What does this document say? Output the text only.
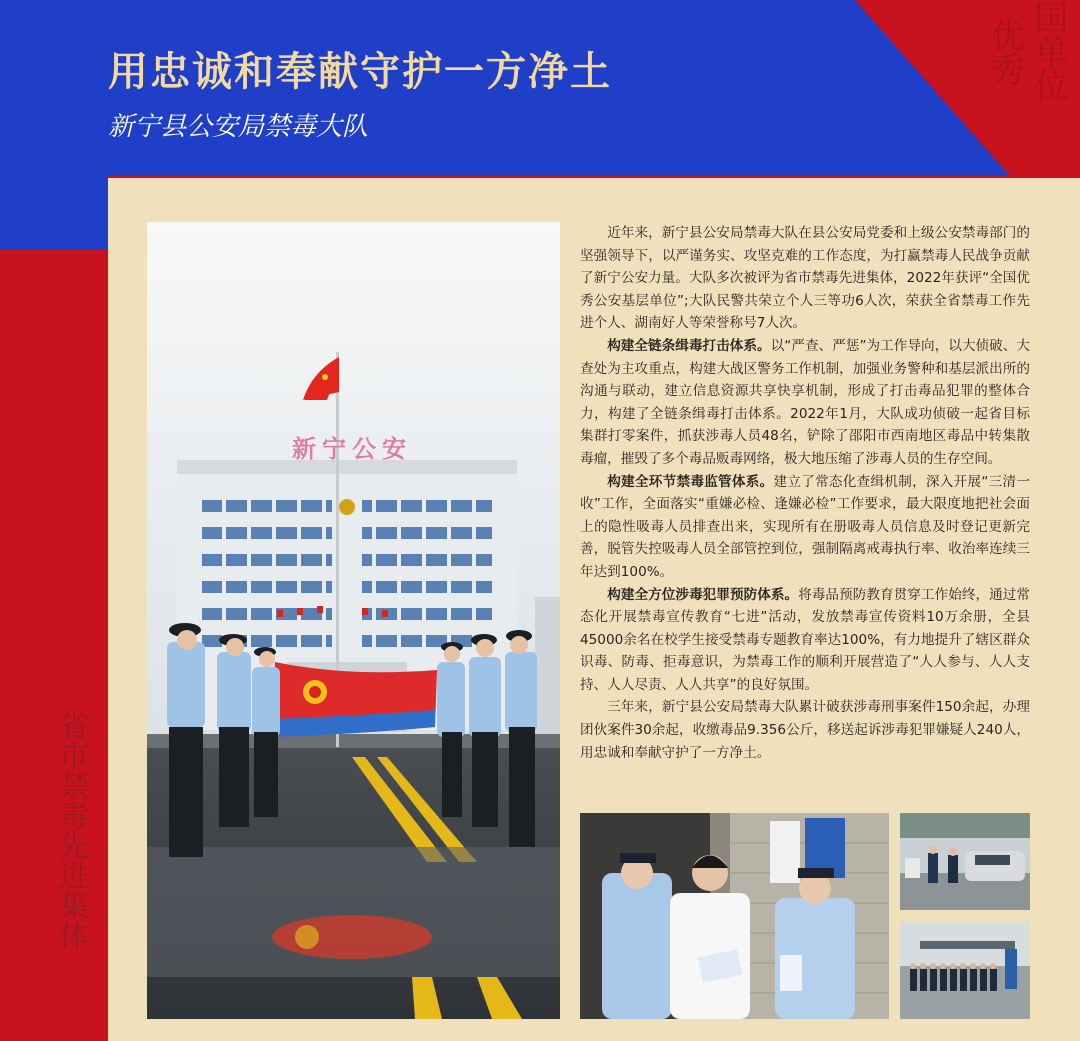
国单位
优秀
用忠诚和奉献守护一方净土
新宁县公安局禁毒大队
省市禁毒先进集体
新宁公安

近年来，新宁县公安局禁毒大队在县公安局党委和上级公安禁毒部门的坚强领导下，以严谨务实、攻坚克难的工作态度，为打赢禁毒人民战争贡献了新宁公安力量。大队多次被评为省市禁毒先进集体，2022年获评“全国优秀公安基层单位”;大队民警共荣立个人三等功6人次，荣获全省禁毒工作先进个人、湖南好人等荣誉称号7人次。

构建全链条缉毒打击体系。以“严查、严惩”为工作导向，以大侦破、大查处为主攻重点，构建大战区警务工作机制，加强业务警种和基层派出所的沟通与联动，建立信息资源共享快享机制，形成了打击毒品犯罪的整体合力，构建了全链条缉毒打击体系。2022年1月，大队成功侦破一起省目标集群打零案件，抓获涉毒人员48名，铲除了邵阳市西南地区毒品中转集散毒瘤，摧毁了多个毒品贩毒网络，极大地压缩了涉毒人员的生存空间。

构建全环节禁毒监管体系。建立了常态化查缉机制，深入开展“三清一收”工作，全面落实“重嫌必检、逢嫌必检”工作要求，最大限度地把社会面上的隐性吸毒人员排查出来，实现所有在册吸毒人员信息及时登记更新完善，脱管失控吸毒人员全部管控到位，强制隔离戒毒执行率、收治率连续三年达到100%。

构建全方位涉毒犯罪预防体系。将毒品预防教育贯穿工作始终，通过常态化开展禁毒宣传教育“七进”活动，发放禁毒宣传资料10万余册，全县45000余名在校学生接受禁毒专题教育率达100%，有力地提升了辖区群众识毒、防毒、拒毒意识，为禁毒工作的顺利开展营造了“人人参与、人人支持、人人尽责、人人共享”的良好氛围。

三年来，新宁县公安局禁毒大队累计破获涉毒刑事案件150余起，办理团伙案件30余起，收缴毒品9.356公斤，移送起诉涉毒犯罪嫌疑人240人，用忠诚和奉献守护了一方净土。
